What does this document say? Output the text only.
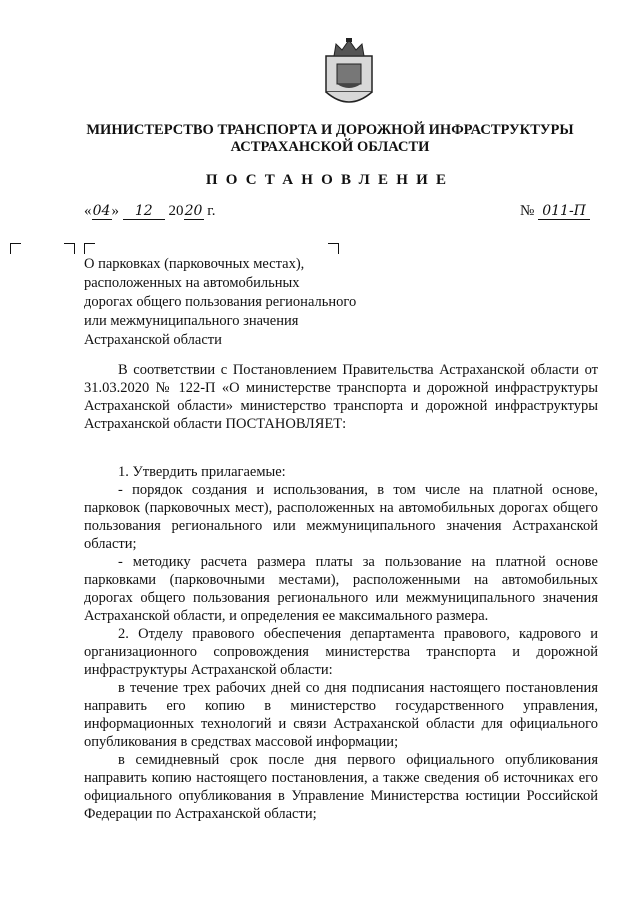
МИНИСТЕРСТВО ТРАНСПОРТА И ДОРОЖНОЙ ИНФРАСТРУКТУРЫ
АСТРАХАНСКОЙ ОБЛАСТИ
ПОСТАНОВЛЕНИЕ
«04» 12 2020 г.	№ 011-П
О парковках (парковочных местах),
расположенных на автомобильных
дорогах общего пользования регионального
или межмуниципального значения
Астраханской области

В соответствии с Постановлением Правительства Астраханской области от 31.03.2020 № 122-П «О министерстве транспорта и дорожной инфраструктуры Астраханской области» министерство транспорта и дорожной инфраструктуры Астраханской области ПОСТАНОВЛЯЕТ:

1. Утвердить прилагаемые:

- порядок создания и использования, в том числе на платной основе, парковок (парковочных мест), расположенных на автомобильных дорогах общего пользования регионального или межмуниципального значения Астраханской области;

- методику расчета размера платы за пользование на платной основе парковками (парковочными местами), расположенными на автомобильных дорогах общего пользования регионального или межмуниципального значения Астраханской области, и определения ее максимального размера.

2. Отделу правового обеспечения департамента правового, кадрового и организационного сопровождения министерства транспорта и дорожной инфраструктуры Астраханской области:

в течение трех рабочих дней со дня подписания настоящего постановления направить его копию в министерство государственного управления, информационных технологий и связи Астраханской области для официального опубликования в средствах массовой информации;

в семидневный срок после дня первого официального опубликования направить копию настоящего постановления, а также сведения об источниках его официального опубликования в Управление Министерства юстиции Российской Федерации по Астраханской области;
